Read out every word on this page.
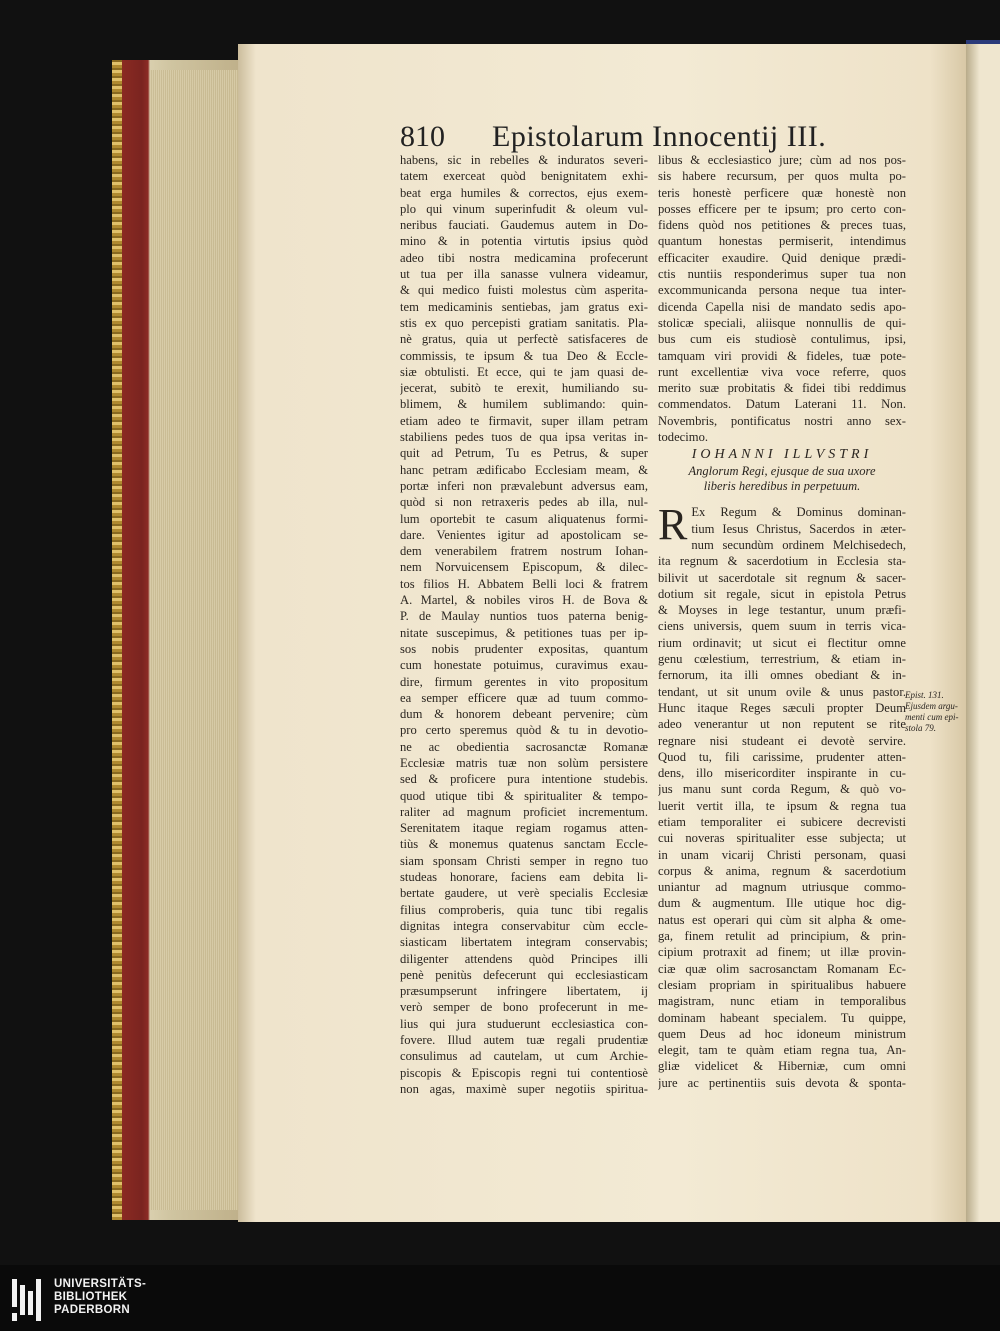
810 Epistolarum Innocentij III.
habens, sic in rebelles & induratos severi-
tatem exerceat quòd benignitatem exhi-
beat erga humiles & correctos, ejus exem-
plo qui vinum superinfudit & oleum vul-
neribus fauciati. Gaudemus autem in Do-
mino & in potentia virtutis ipsius quòd
adeo tibi nostra medicamina profecerunt
ut tua per illa sanasse vulnera videamur,
& qui medico fuisti molestus cùm asperita-
tem medicaminis sentiebas, jam gratus exi-
stis ex quo percepisti gratiam sanitatis. Pla-
nè gratus, quia ut perfectè satisfaceres de
commissis, te ipsum & tua Deo & Eccle-
siæ obtulisti. Et ecce, qui te jam quasi de-
jecerat, subitò te erexit, humiliando su-
blimem, & humilem sublimando: quin-
etiam adeo te firmavit, super illam petram
stabiliens pedes tuos de qua ipsa veritas in-
quit ad Petrum, Tu es Petrus, & super
hanc petram ædificabo Ecclesiam meam, &
portæ inferi non prævalebunt adversus eam,
quòd si non retraxeris pedes ab illa, nul-
lum oportebit te casum aliquatenus formi-
dare. Venientes igitur ad apostolicam se-
dem venerabilem fratrem nostrum Iohan-
nem Norvuicensem Episcopum, & dilec-
tos filios H. Abbatem Belli loci & fratrem
A. Martel, & nobiles viros H. de Bova &
P. de Maulay nuntios tuos paterna benig-
nitate suscepimus, & petitiones tuas per ip-
sos nobis prudenter expositas, quantum
cum honestate potuimus, curavimus exau-
dire, firmum gerentes in vito propositum
ea semper efficere quæ ad tuum commo-
dum & honorem debeant pervenire; cùm
pro certo speremus quòd & tu in devotio-
ne ac obedientia sacrosanctæ Romanæ
Ecclesiæ matris tuæ non solùm persistere
sed & proficere pura intentione studebis.
quod utique tibi & spiritualiter & tempo-
raliter ad magnum proficiet incrementum.
Serenitatem itaque regiam rogamus atten-
tiùs & monemus quatenus sanctam Eccle-
siam sponsam Christi semper in regno tuo
studeas honorare, faciens eam debita li-
bertate gaudere, ut verè specialis Ecclesiæ
filius comproberis, quia tunc tibi regalis
dignitas integra conservabitur cùm eccle-
siasticam libertatem integram conservabis;
diligenter attendens quòd Principes illi
penè penitùs defecerunt qui ecclesiasticam
præsumpserunt infringere libertatem, ij
verò semper de bono profecerunt in me-
lius qui jura studuerunt ecclesiastica con-
fovere. Illud autem tuæ regali prudentiæ
consulimus ad cautelam, ut cum Archie-
piscopis & Episcopis regni tui contentiosè
non agas, maximè super negotiis spiritua-
libus & ecclesiastico jure; cùm ad nos pos-
sis habere recursum, per quos multa po-
teris honestè perficere quæ honestè non
posses efficere per te ipsum; pro certo con-
fidens quòd nos petitiones & preces tuas,
quantum honestas permiserit, intendimus
efficaciter exaudire. Quid denique prædi-
ctis nuntiis responderimus super tua non
excommunicanda persona neque tua inter-
dicenda Capella nisi de mandato sedis apo-
stolicæ speciali, aliisque nonnullis de qui-
bus cum eis studiosè contulimus, ipsi,
tamquam viri providi & fideles, tuæ pote-
runt excellentiæ viva voce referre, quos
merito suæ probitatis & fidei tibi reddimus
commendatos. Datum Laterani 11. Non.
Novembris, pontificatus nostri anno sex-
todecimo.
IOHANNI ILLVSTRI
Anglorum Regi, ejusque de sua uxore
liberis heredibus in perpetuum.
R Ex Regum & Dominus dominan-
tium Iesus Christus, Sacerdos in æter-
num secundùm ordinem Melchisedech,
ita regnum & sacerdotium in Ecclesia sta-
bilivit ut sacerdotale sit regnum & sacer-
dotium sit regale, sicut in epistola Petrus
& Moyses in lege testantur, unum præfi-
ciens universis, quem suum in terris vica-
rium ordinavit; ut sicut ei flectitur omne
genu cœlestium, terrestrium, & etiam in-
fernorum, ita illi omnes obediant & in-
tendant, ut sit unum ovile & unus pastor.
Hunc itaque Reges sæculi propter Deum
adeo venerantur ut non reputent se rite
regnare nisi studeant ei devotè servire.
Quod tu, fili carissime, prudenter atten-
dens, illo misericorditer inspirante in cu-
jus manu sunt corda Regum, & quò vo-
luerit vertit illa, te ipsum & regna tua
etiam temporaliter ei subicere decrevisti
cui noveras spiritualiter esse subjecta; ut
in unam vicarij Christi personam, quasi
corpus & anima, regnum & sacerdotium
uniantur ad magnum utriusque commo-
dum & augmentum. Ille utique hoc dig-
natus est operari qui cùm sit alpha & ome-
ga, finem retulit ad principium, & prin-
cipium protraxit ad finem; ut illæ provin-
ciæ quæ olim sacrosanctam Romanam Ec-
clesiam propriam in spiritualibus habuere
magistram, nunc etiam in temporalibus
dominam habeant specialem. Tu quippe,
quem Deus ad hoc idoneum ministrum
elegit, tam te quàm etiam regna tua, An-
gliæ videlicet & Hiberniæ, cum omni
jure ac pertinentiis suis devota & sponta-
Epist. 131.
Ejusdem argu-
menti cum epi-
stola 79.
UNIVERSITÄTS-
BIBLIOTHEK
PADERBORN
